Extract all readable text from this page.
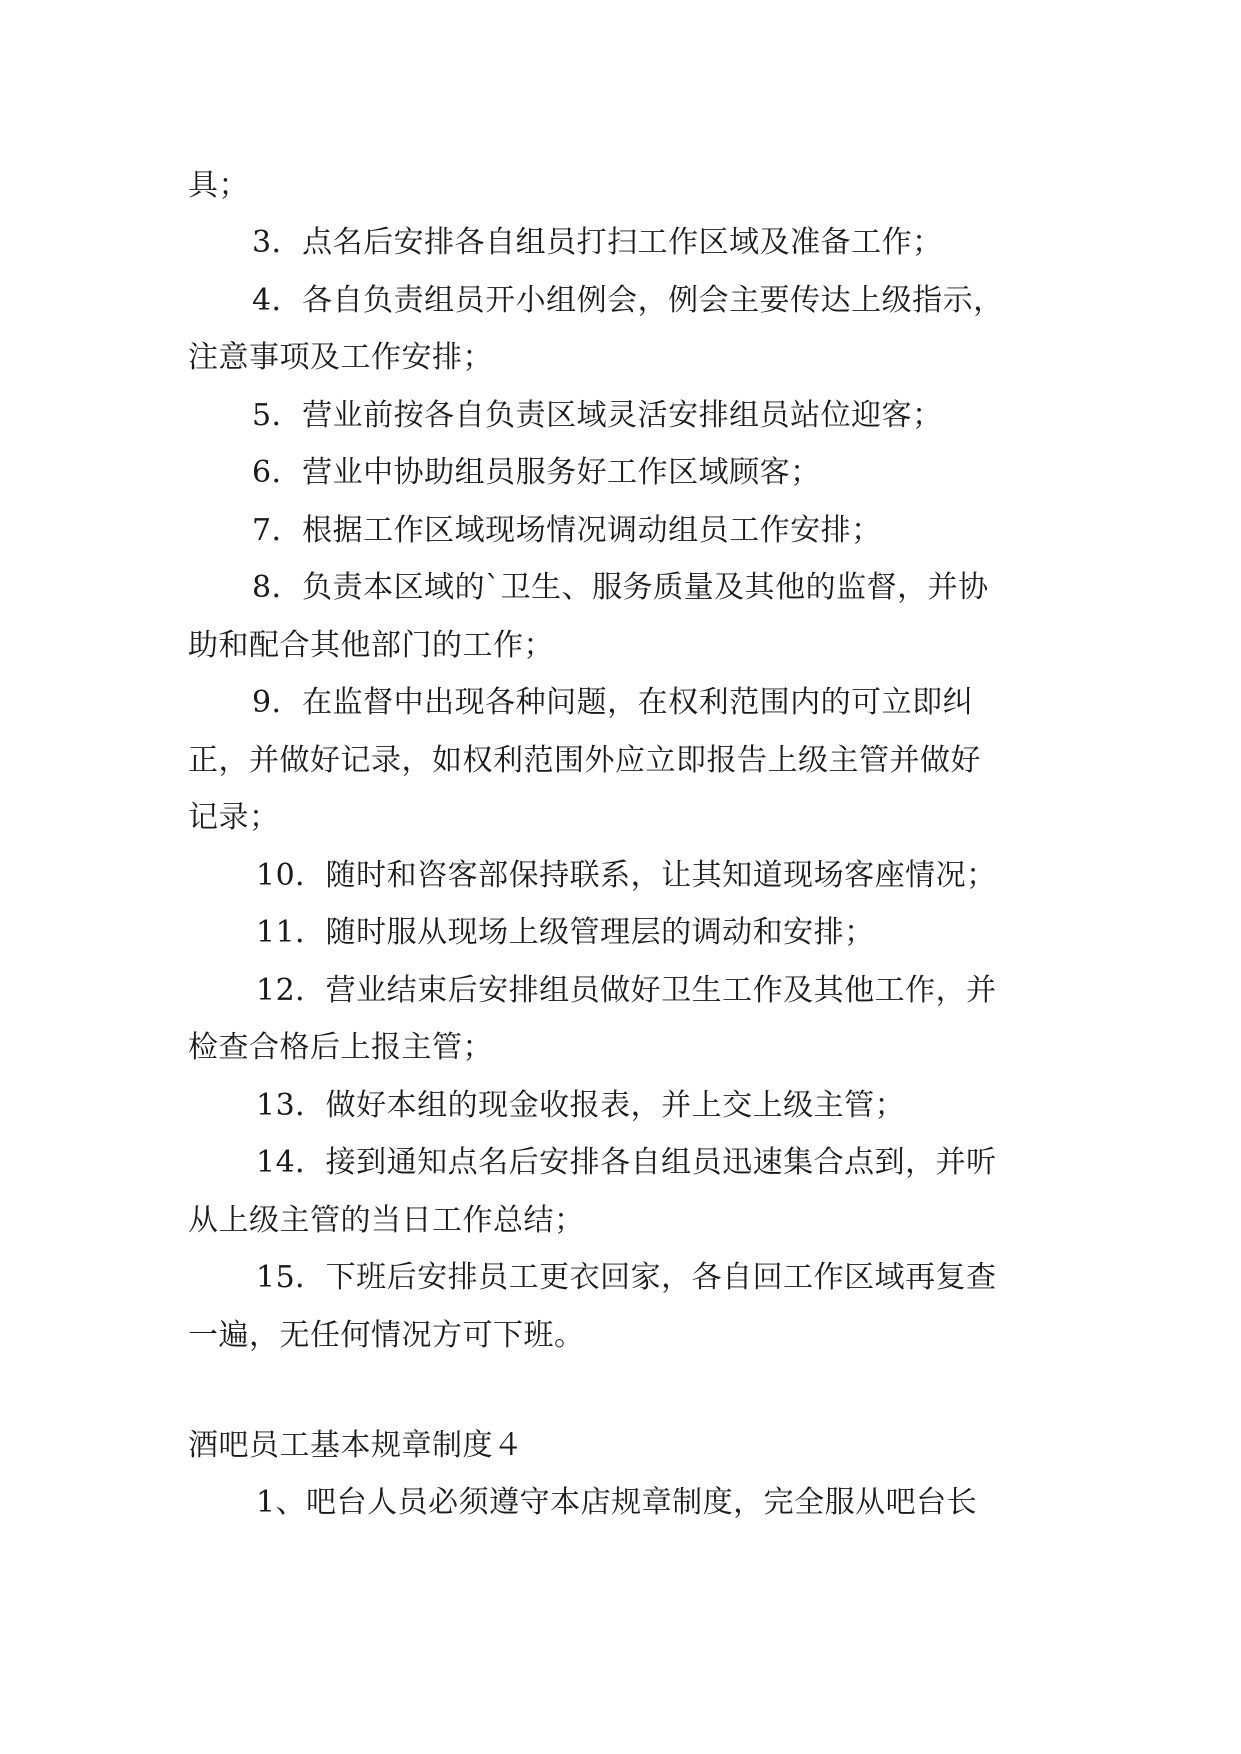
具；
3．点名后安排各自组员打扫工作区域及准备工作；
4．各自负责组员开小组例会，例会主要传达上级指示，
注意事项及工作安排；
5．营业前按各自负责区域灵活安排组员站位迎客；
6．营业中协助组员服务好工作区域顾客；
7．根据工作区域现场情况调动组员工作安排；
8．负责本区域的`卫生、服务质量及其他的监督，并协
助和配合其他部门的工作；
9．在监督中出现各种问题，在权利范围内的可立即纠
正，并做好记录，如权利范围外应立即报告上级主管并做好
记录；
10．随时和咨客部保持联系，让其知道现场客座情况；
11．随时服从现场上级管理层的调动和安排；
12．营业结束后安排组员做好卫生工作及其他工作，并
检查合格后上报主管；
13．做好本组的现金收报表，并上交上级主管；
14．接到通知点名后安排各自组员迅速集合点到，并听
从上级主管的当日工作总结；
15．下班后安排员工更衣回家，各自回工作区域再复查
一遍，无任何情况方可下班。
酒吧员工基本规章制度４
1、吧台人员必须遵守本店规章制度，完全服从吧台长
